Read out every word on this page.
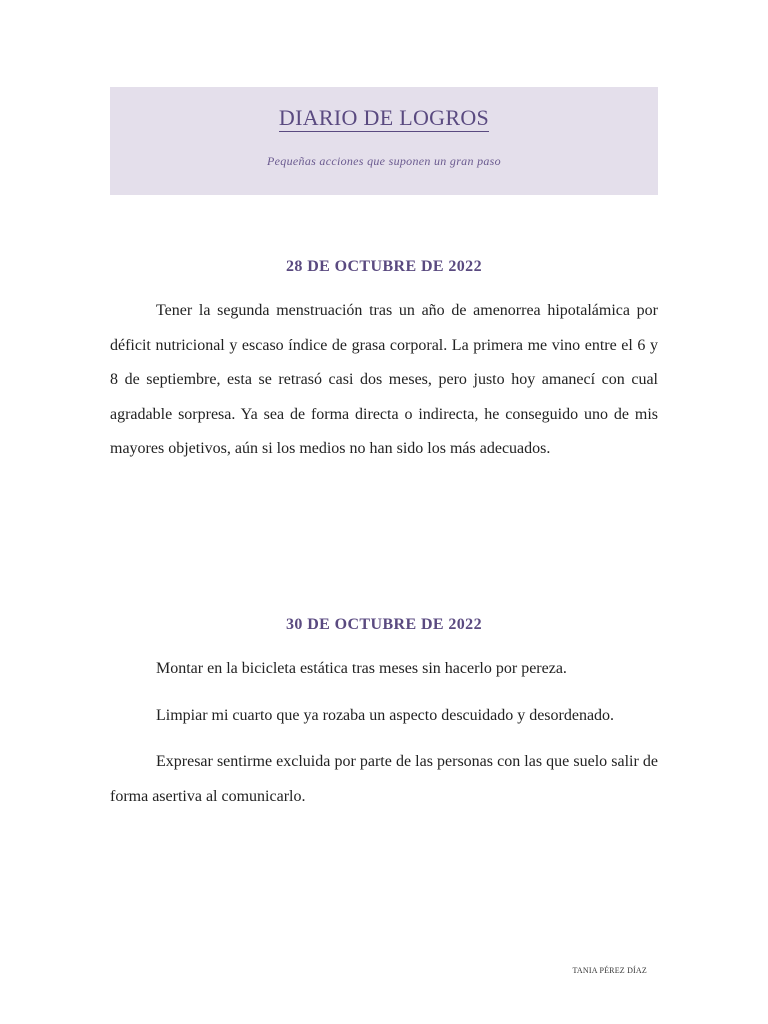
DIARIO DE LOGROS
Pequeñas acciones que suponen un gran paso
28 DE OCTUBRE DE 2022

Tener la segunda menstruación tras un año de amenorrea hipotalámica por déficit nutricional y escaso índice de grasa corporal. La primera me vino entre el 6 y 8 de septiembre, esta se retrasó casi dos meses, pero justo hoy amanecí con cual agradable sorpresa. Ya sea de forma directa o indirecta, he conseguido uno de mis mayores objetivos, aún si los medios no han sido los más adecuados.

30 DE OCTUBRE DE 2022

Montar en la bicicleta estática tras meses sin hacerlo por pereza.

Limpiar mi cuarto que ya rozaba un aspecto descuidado y desordenado.

Expresar sentirme excluida por parte de las personas con las que suelo salir de forma asertiva al comunicarlo.

TANIA PÉREZ DÍAZ
